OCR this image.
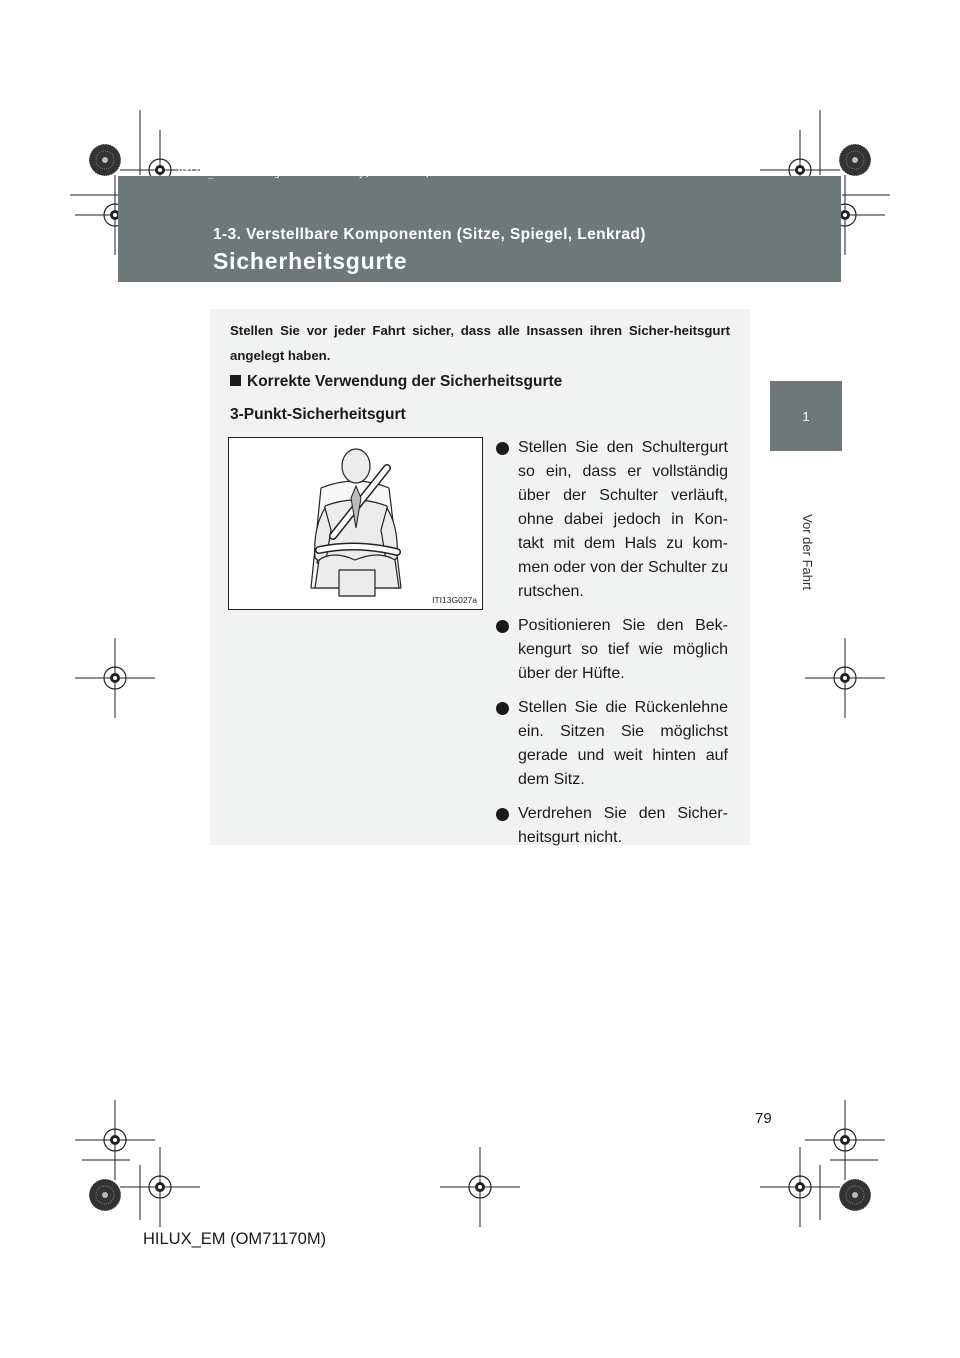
1-3. Verstellbare Komponenten (Sitze, Spiegel, Lenkrad)
Sicherheitsgurte
HILUX_EM.book Page 79 Wednesday, March 23, 2011 2:48 PM
1
Vor der Fahrt
Stellen Sie vor jeder Fahrt sicher, dass alle Insassen ihren Sicher-heitsgurt angelegt haben.
Korrekte Verwendung der Sicherheitsgurte
3-Punkt-Sicherheitsgurt
ITI13G027a
Stellen Sie den Schultergurt so ein, dass er vollständig über der Schulter verläuft, ohne dabei jedoch in Kon-takt mit dem Hals zu kom-men oder von der Schulter zu rutschen.
Positionieren Sie den Bek-kengurt so tief wie möglich über der Hüfte.
Stellen Sie die Rückenlehne ein. Sitzen Sie möglichst gerade und weit hinten auf dem Sitz.
Verdrehen Sie den Sicher-heitsgurt nicht.
79
HILUX_EM (OM71170M)
